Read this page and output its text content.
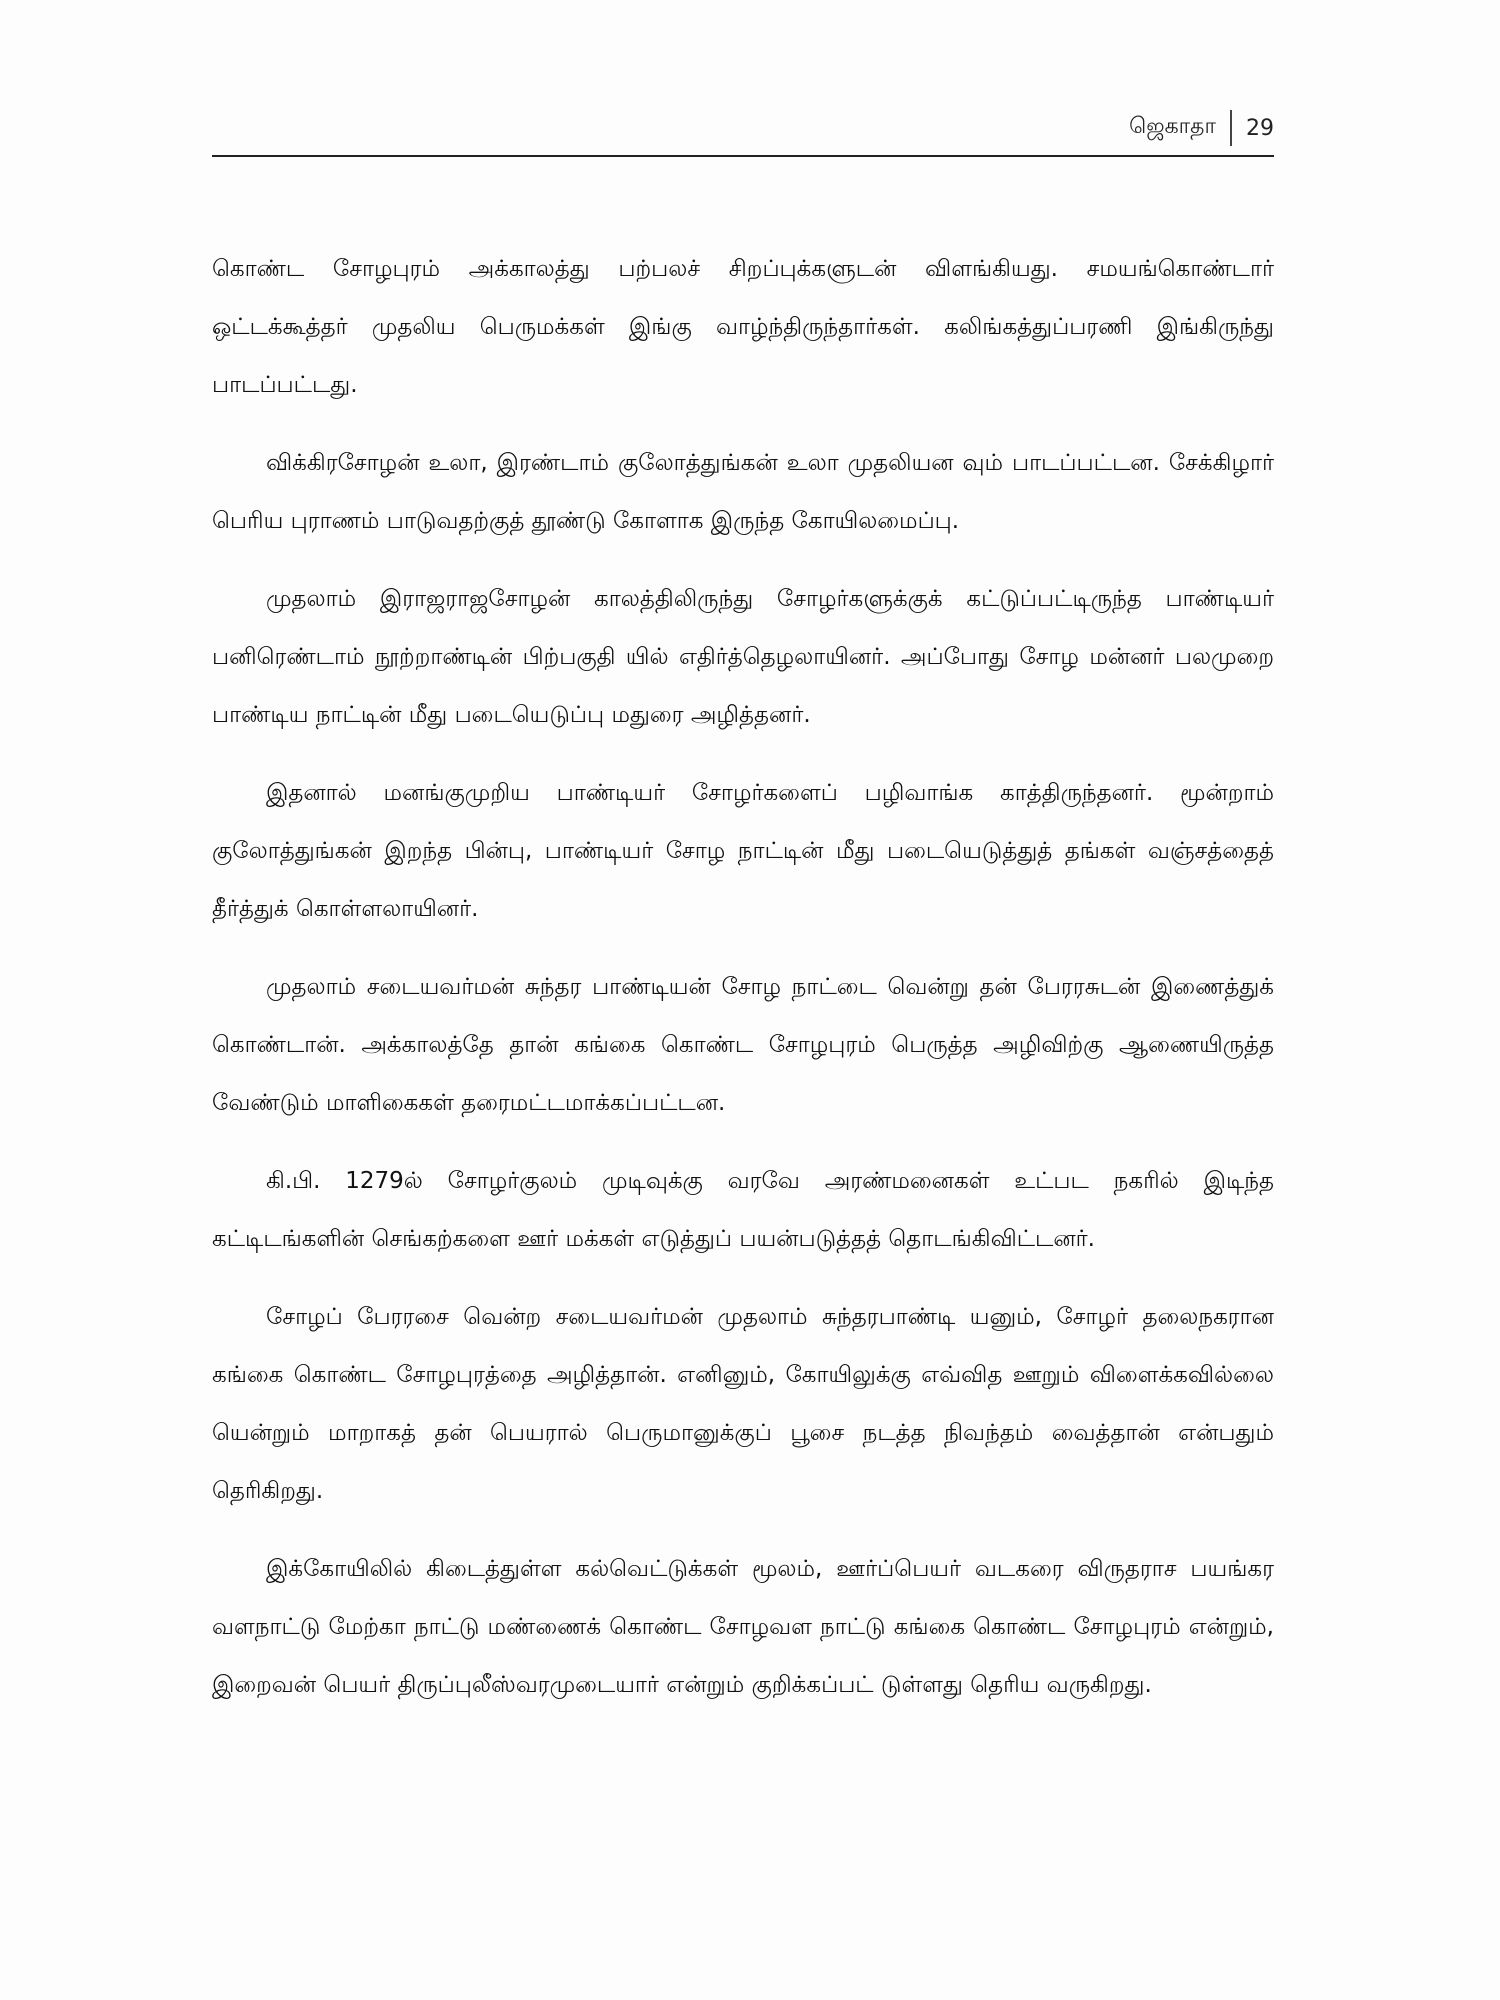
ஜெகாதா 29

கொண்ட சோழபுரம் அக்காலத்து பற்பலச் சிறப்புக்களுடன் விளங்கியது. சமயங்கொண்டார் ஒட்டக்கூத்தர் முதலிய பெருமக்கள் இங்கு வாழ்ந்திருந்தார்கள். கலிங்கத்துப்பரணி இங்கிருந்து பாடப்பட்டது.

விக்கிரசோழன் உலா, இரண்டாம் குலோத்துங்கன் உலா முதலியன வும் பாடப்பட்டன. சேக்கிழார் பெரிய புராணம் பாடுவதற்குத் தூண்டு கோளாக இருந்த கோயிலமைப்பு.

முதலாம் இராஜராஜசோழன் காலத்திலிருந்து சோழர்களுக்குக் கட்டுப்பட்டிருந்த பாண்டியர் பனிரெண்டாம் நூற்றாண்டின் பிற்பகுதி யில் எதிர்த்தெழலாயினர். அப்போது சோழ மன்னர் பலமுறை பாண்டிய நாட்டின் மீது படையெடுப்பு மதுரை அழித்தனர்.

இதனால் மனங்குமுறிய பாண்டியர் சோழர்களைப் பழிவாங்க காத்திருந்தனர். மூன்றாம் குலோத்துங்கன் இறந்த பின்பு, பாண்டியர் சோழ நாட்டின் மீது படையெடுத்துத் தங்கள் வஞ்சத்தைத் தீர்த்துக் கொள்ளலாயினர்.

முதலாம் சடையவர்மன் சுந்தர பாண்டியன் சோழ நாட்டை வென்று தன் பேரரசுடன் இணைத்துக் கொண்டான். அக்காலத்தே தான் கங்கை கொண்ட சோழபுரம் பெருத்த அழிவிற்கு ஆணையிருத்த வேண்டும் மாளிகைகள் தரைமட்டமாக்கப்பட்டன.

கி.பி. 1279ல் சோழர்குலம் முடிவுக்கு வரவே அரண்மனைகள் உட்பட நகரில் இடிந்த கட்டிடங்களின் செங்கற்களை ஊர் மக்கள் எடுத்துப் பயன்படுத்தத் தொடங்கிவிட்டனர்.

சோழப் பேரரசை வென்ற சடையவர்மன் முதலாம் சுந்தரபாண்டி யனும், சோழர் தலைநகரான கங்கை கொண்ட சோழபுரத்தை அழித்தான். எனினும், கோயிலுக்கு எவ்வித ஊறும் விளைக்கவில்லை யென்றும் மாறாகத் தன் பெயரால் பெருமானுக்குப் பூசை நடத்த நிவந்தம் வைத்தான் என்பதும் தெரிகிறது.

இக்கோயிலில் கிடைத்துள்ள கல்வெட்டுக்கள் மூலம், ஊர்ப்பெயர் வடகரை விருதராச பயங்கர வளநாட்டு மேற்கா நாட்டு மண்ணைக் கொண்ட சோழவள நாட்டு கங்கை கொண்ட சோழபுரம் என்றும், இறைவன் பெயர் திருப்புலீஸ்வரமுடையார் என்றும் குறிக்கப்பட் டுள்ளது தெரிய வருகிறது.
